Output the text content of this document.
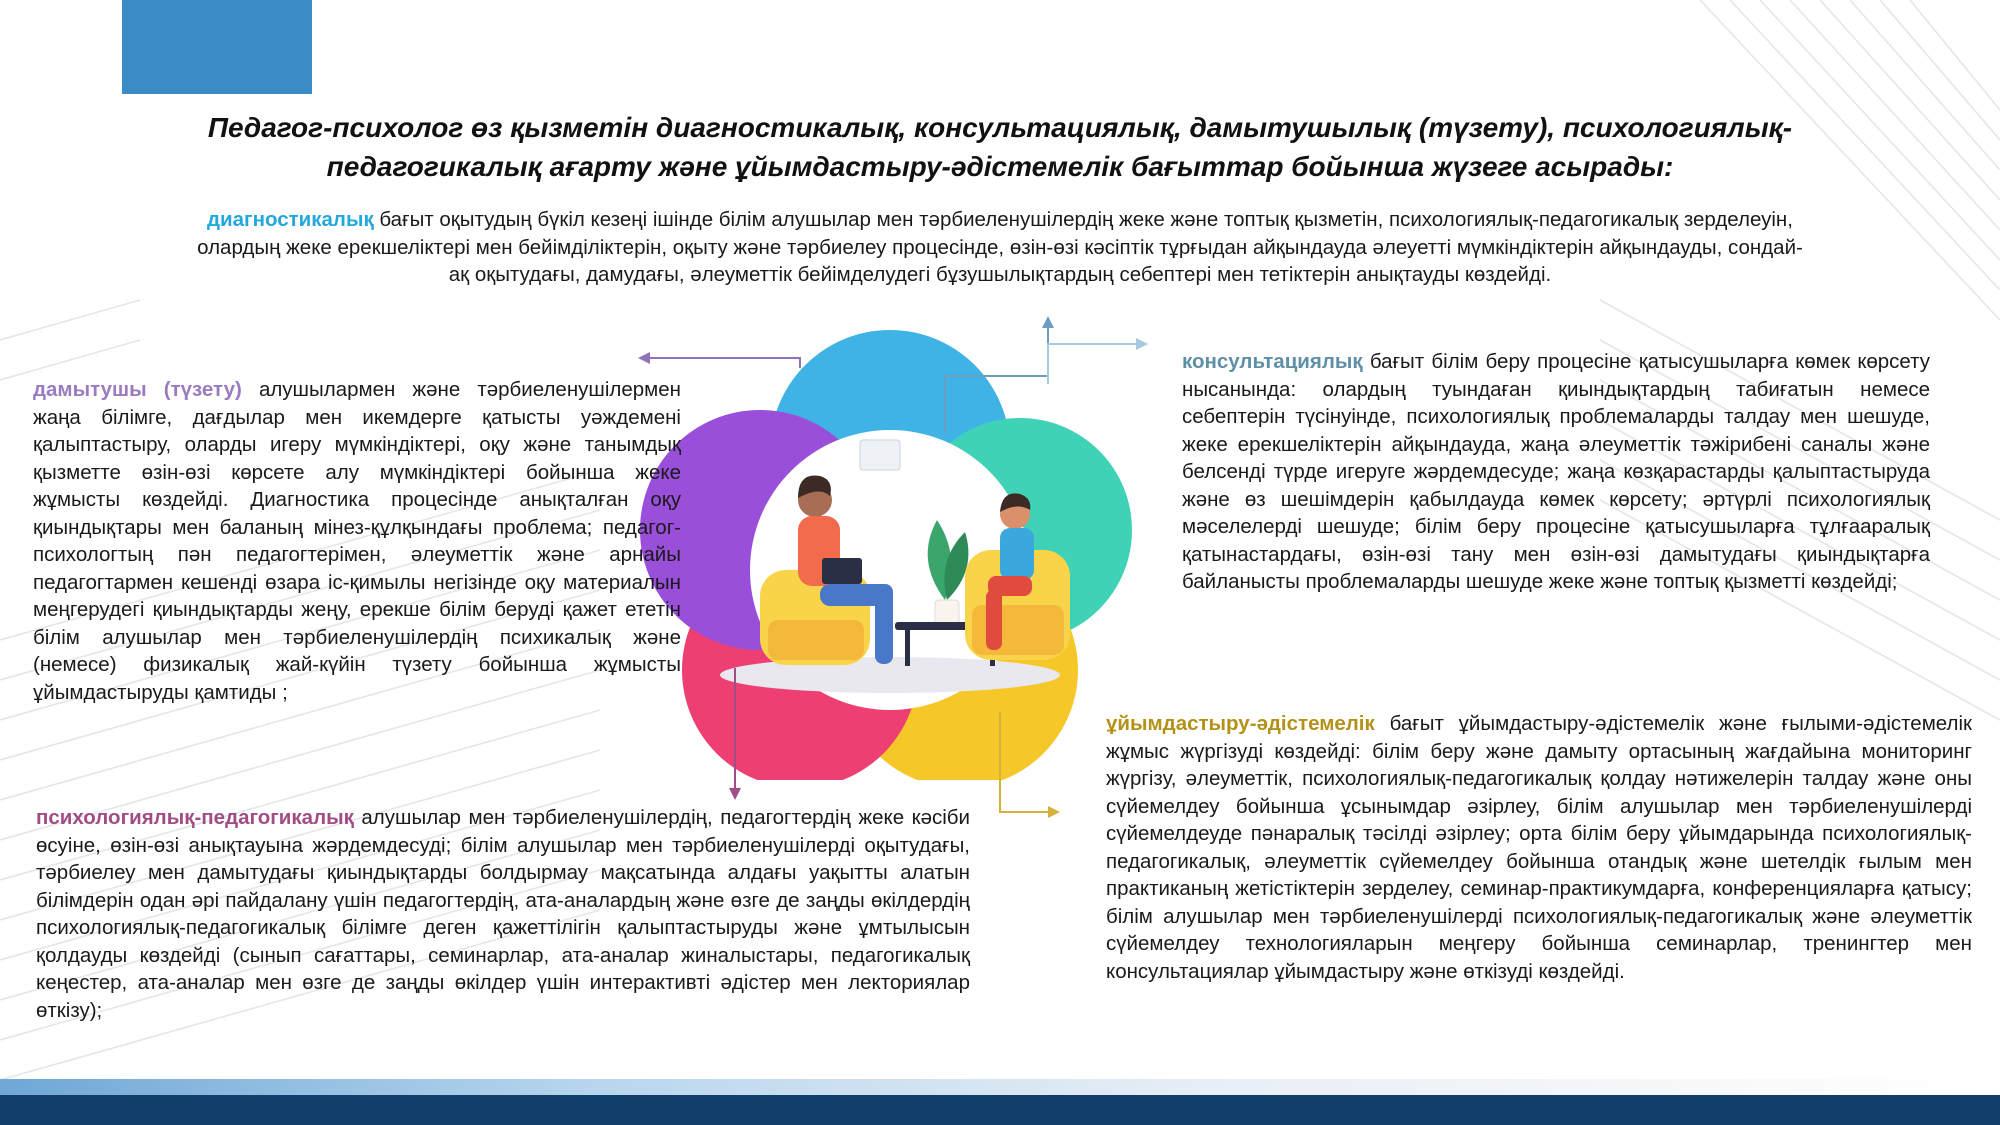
Педагог-психолог өз қызметін диагностикалық, консультациялық, дамытушылық (түзету), психологиялық-педагогикалық ағарту және ұйымдастыру-әдістемелік бағыттар бойынша жүзеге асырады:
диагностикалық бағыт оқытудың бүкіл кезеңі ішінде білім алушылар мен тәрбиеленушілердің жеке және топтық қызметін, психологиялық-педагогикалық зерделеуін, олардың жеке ерекшеліктері мен бейімділіктерін, оқыту және тәрбиелеу процесінде, өзін-өзі кәсіптік тұрғыдан айқындауда әлеуетті мүмкіндіктерін айқындауды, сондай-ақ оқытудағы, дамудағы, әлеуметтік бейімделудегі бұзушылықтардың себептері мен тетіктерін анықтауды көздейді.
дамытушы (түзету) алушылармен және тәрбиеленушілермен жаңа білімге, дағдылар мен икемдерге қатысты уәждемені қалыптастыру, оларды игеру мүмкіндіктері, оқу және танымдық қызметте өзін-өзі көрсете алу мүмкіндіктері бойынша жеке жұмысты көздейді. Диагностика процесінде анықталған оқу қиындықтары мен баланың мінез-құлқындағы проблема; педагог-психологтың пән педагогтерімен, әлеуметтік және арнайы педагогтармен кешенді өзара іс-қимылы негізінде оқу материалын меңгерудегі қиындықтарды жеңу, ерекше білім беруді қажет ететін білім алушылар мен тәрбиеленушілердің психикалық және (немесе) физикалық жай-күйін түзету бойынша жұмысты ұйымдастыруды қамтиды ;
консультациялық бағыт білім беру процесіне қатысушыларға көмек көрсету нысанында: олардың туындаған қиындықтардың табиғатын немесе себептерін түсінуінде, психологиялық проблемаларды талдау мен шешуде, жеке ерекшеліктерін айқындауда, жаңа әлеуметтік тәжірибені саналы және белсенді түрде игеруге жәрдемдесуде; жаңа көзқарастарды қалыптастыруда және өз шешімдерін қабылдауда көмек көрсету; әртүрлі психологиялық мәселелерді шешуде; білім беру процесіне қатысушыларға тұлғааралық қатынастардағы, өзін-өзі тану мен өзін-өзі дамытудағы қиындықтарға байланысты проблемаларды шешуде жеке және топтық қызметті көздейді;
психологиялық-педагогикалық алушылар мен тәрбиеленушілердің, педагогтердің жеке кәсіби өсуіне, өзін-өзі анықтауына жәрдемдесуді; білім алушылар мен тәрбиеленушілерді оқытудағы, тәрбиелеу мен дамытудағы қиындықтарды болдырмау мақсатында алдағы уақытты алатын білімдерін одан әрі пайдалану үшін педагогтердің, ата-аналардың және өзге де заңды өкілдердің психологиялық-педагогикалық білімге деген қажеттілігін қалыптастыруды және ұмтылысын қолдауды көздейді (сынып сағаттары, семинарлар, ата-аналар жиналыстары, педагогикалық кеңестер, ата-аналар мен өзге де заңды өкілдер үшін интерактивті әдістер мен лекториялар өткізу);
ұйымдастыру-әдістемелік бағыт ұйымдастыру-әдістемелік және ғылыми-әдістемелік жұмыс жүргізуді көздейді: білім беру және дамыту ортасының жағдайына мониторинг жүргізу, әлеуметтік, психологиялық-педагогикалық қолдау нәтижелерін талдау және оны сүйемелдеу бойынша ұсынымдар әзірлеу, білім алушылар мен тәрбиеленушілерді сүйемелдеуде пәнаралық тәсілді әзірлеу; орта білім беру ұйымдарында психологиялық-педагогикалық, әлеуметтік сүйемелдеу бойынша отандық және шетелдік ғылым мен практиканың жетістіктерін зерделеу, семинар-практикумдарға, конференцияларға қатысу; білім алушылар мен тәрбиеленушілерді психологиялық-педагогикалық және әлеуметтік сүйемелдеу технологияларын меңгеру бойынша семинарлар, тренингтер мен консультациялар ұйымдастыру және өткізуді көздейді.
